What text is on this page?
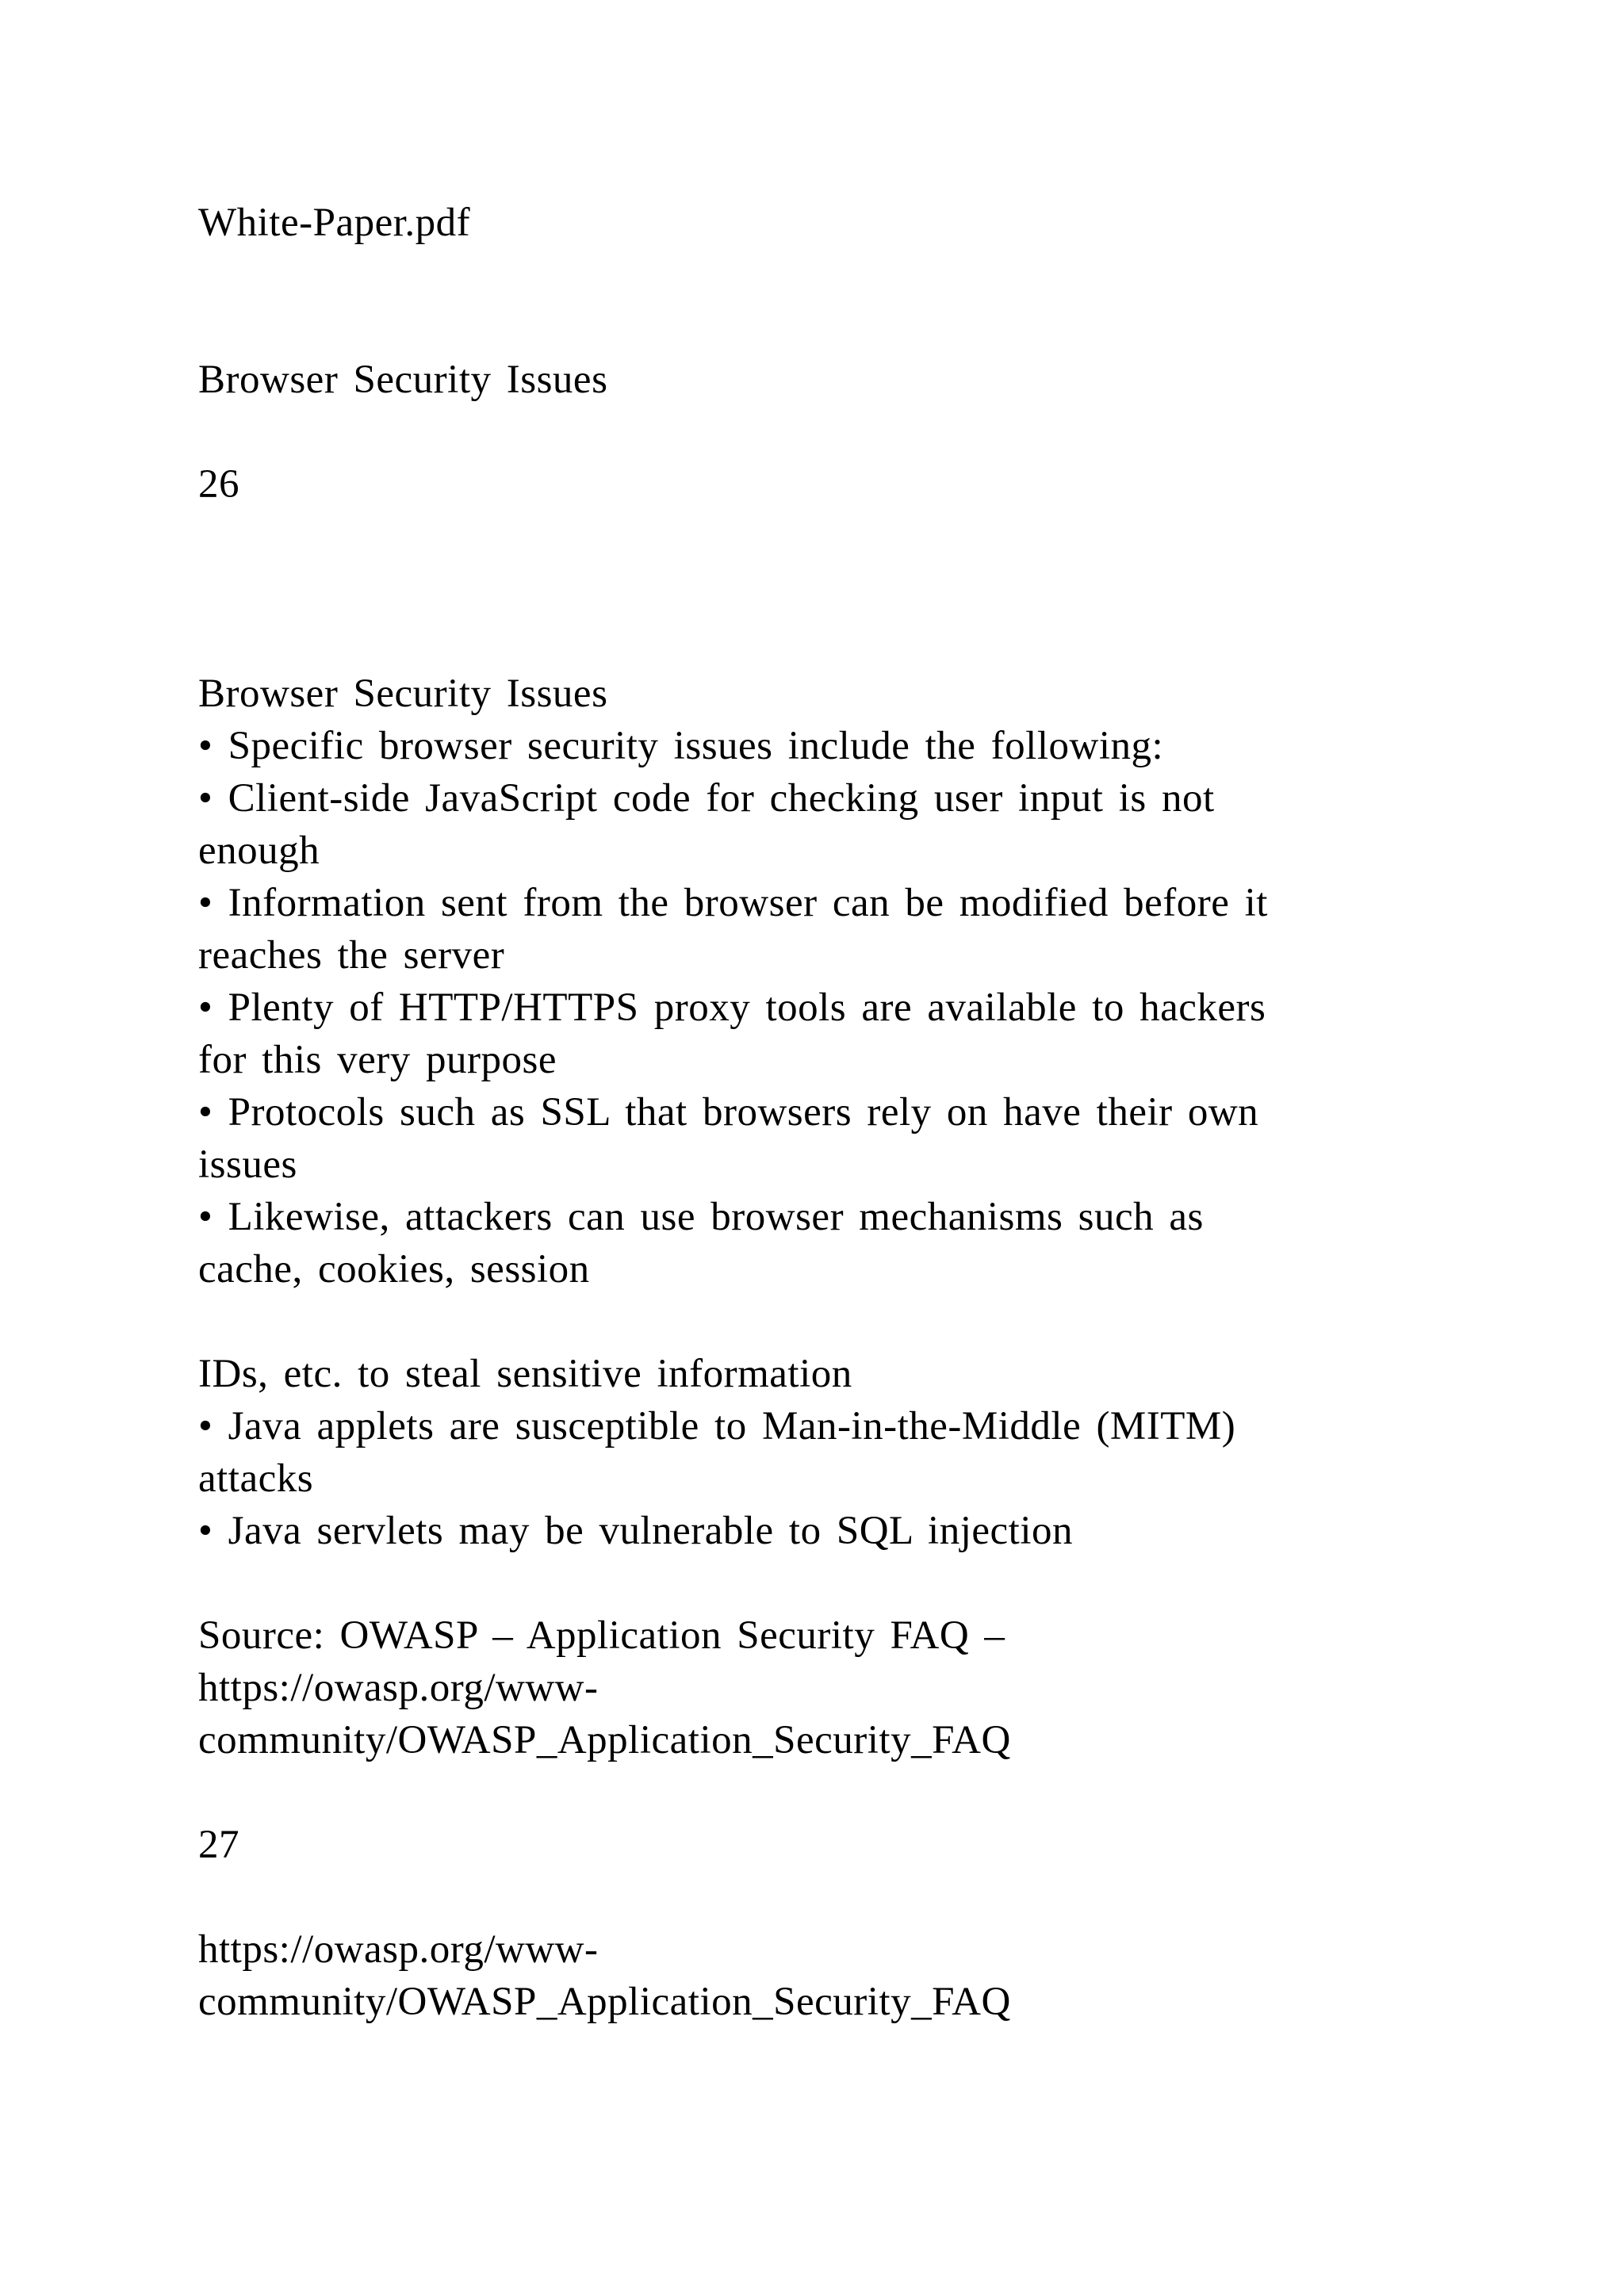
White-Paper.pdf

Browser Security Issues

26

Browser Security Issues

• Specific browser security issues include the following:

• Client-side JavaScript code for checking user input is not

enough

• Information sent from the browser can be modified before it

reaches the server

• Plenty of HTTP/HTTPS proxy tools are available to hackers

for this very purpose

• Protocols such as SSL that browsers rely on have their own

issues

• Likewise, attackers can use browser mechanisms such as

cache, cookies, session

IDs, etc. to steal sensitive information

• Java applets are susceptible to Man-in-the-Middle (MITM)

attacks

• Java servlets may be vulnerable to SQL injection

Source: OWASP – Application Security FAQ –

https://owasp.org/www-

community/OWASP_Application_Security_FAQ

27

https://owasp.org/www-

community/OWASP_Application_Security_FAQ
